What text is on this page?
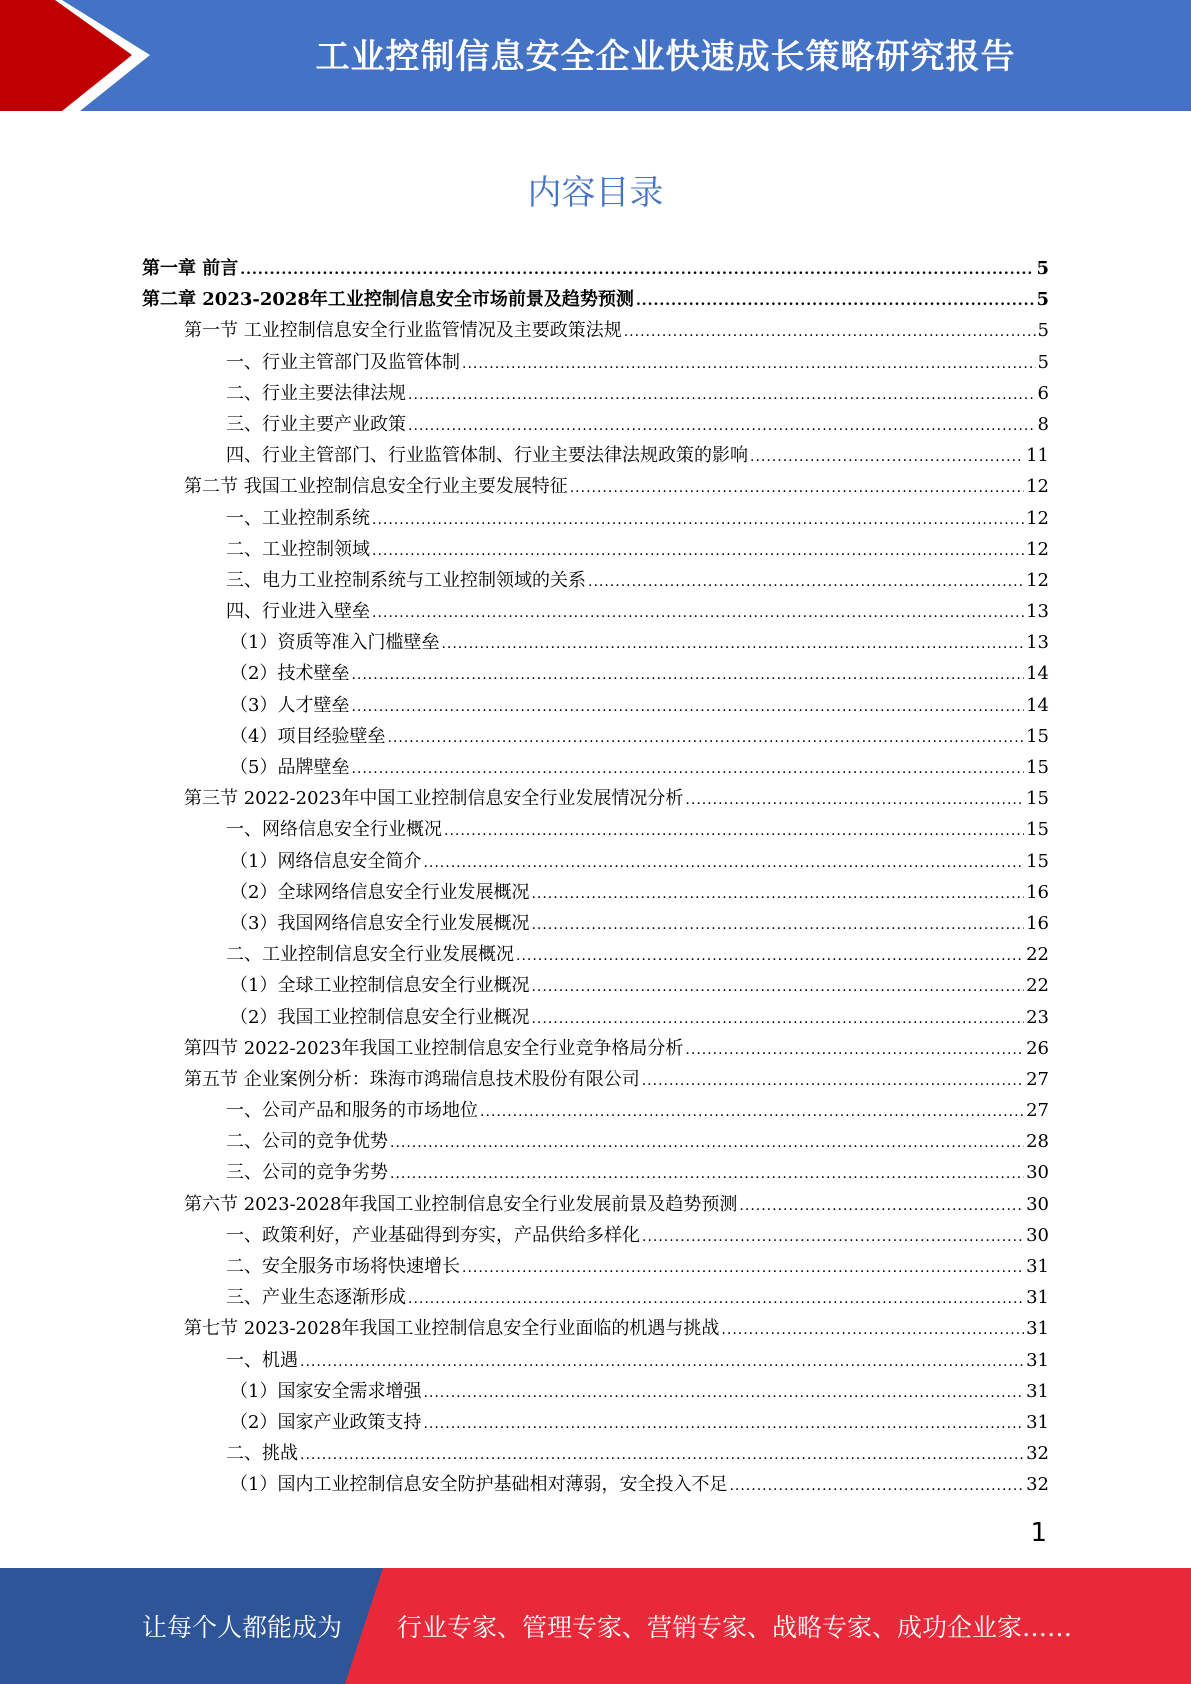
工业控制信息安全企业快速成长策略研究报告
内容目录
第一章 前言 .....	5
第二章 2023-2028年工业控制信息安全市场前景及趋势预测 .....	5
第一节 工业控制信息安全行业监管情况及主要政策法规 .....	5
一、行业主管部门及监管体制 .....	5
二、行业主要法律法规 .....	6
三、行业主要产业政策 .....	8
四、行业主管部门、行业监管体制、行业主要法律法规政策的影响 .....	11
第二节 我国工业控制信息安全行业主要发展特征 .....	12
一、工业控制系统 .....	12
二、工业控制领域 .....	12
三、电力工业控制系统与工业控制领域的关系 .....	12
四、行业进入壁垒 .....	13
（1）资质等准入门槛壁垒 .....	13
（2）技术壁垒 .....	14
（3）人才壁垒 .....	14
（4）项目经验壁垒 .....	15
（5）品牌壁垒 .....	15
第三节 2022-2023年中国工业控制信息安全行业发展情况分析 .....	15
一、网络信息安全行业概况 .....	15
（1）网络信息安全简介 .....	15
（2）全球网络信息安全行业发展概况 .....	16
（3）我国网络信息安全行业发展概况 .....	16
二、工业控制信息安全行业发展概况 .....	22
（1）全球工业控制信息安全行业概况 .....	22
（2）我国工业控制信息安全行业概况 .....	23
第四节 2022-2023年我国工业控制信息安全行业竞争格局分析 .....	26
第五节 企业案例分析：珠海市鸿瑞信息技术股份有限公司 .....	27
一、公司产品和服务的市场地位 .....	27
二、公司的竞争优势 .....	28
三、公司的竞争劣势 .....	30
第六节 2023-2028年我国工业控制信息安全行业发展前景及趋势预测 .....	30
一、政策利好，产业基础得到夯实，产品供给多样化 .....	30
二、安全服务市场将快速增长 .....	31
三、产业生态逐渐形成 .....	31
第七节 2023-2028年我国工业控制信息安全行业面临的机遇与挑战 .....	31
一、机遇 .....	31
（1）国家安全需求增强 .....	31
（2）国家产业政策支持 .....	31
二、挑战 .....	32
（1）国内工业控制信息安全防护基础相对薄弱，安全投入不足 .....	32
1
让每个人都能成为 行业专家、管理专家、营销专家、战略专家、成功企业家……
